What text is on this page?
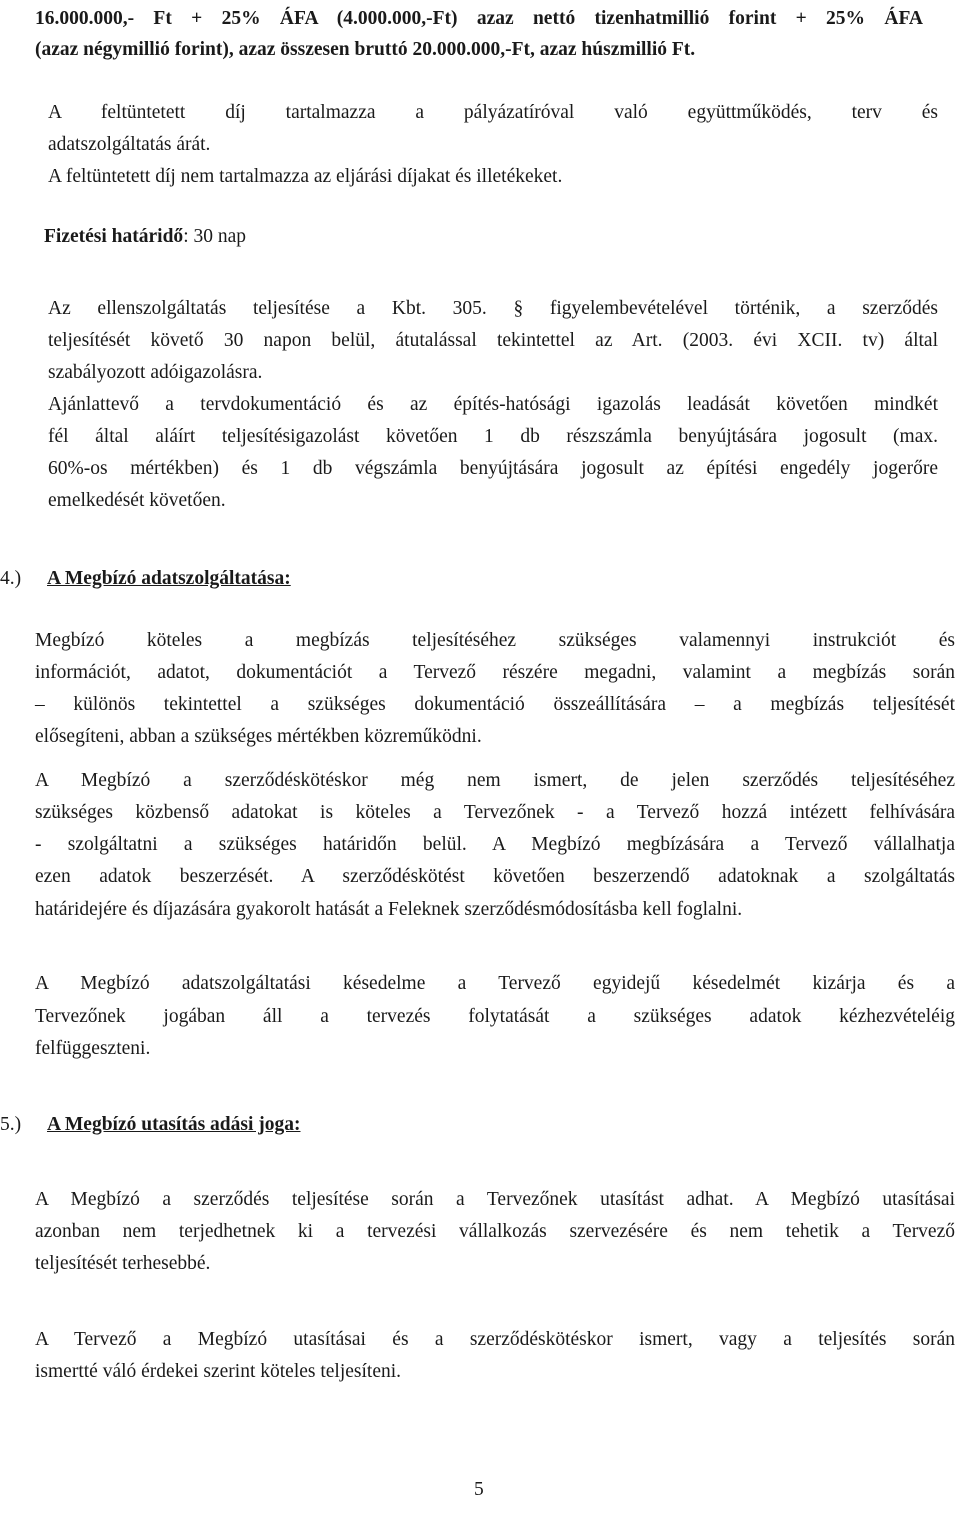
16.000.000,- Ft + 25% ÁFA (4.000.000,-Ft) azaz nettó tizenhatmillió forint + 25% ÁFA
(azaz négymillió forint), azaz összesen bruttó 20.000.000,-Ft, azaz húszmillió Ft.
A feltüntetett díj tartalmazza a pályázatíróval való együttműködés, terv és
adatszolgáltatás árát.
A feltüntetett díj nem tartalmazza az eljárási díjakat és illetékeket.
Fizetési határidő: 30 nap
Az ellenszolgáltatás teljesítése a Kbt. 305. § figyelembevételével történik, a szerződés
teljesítését követő 30 napon belül, átutalással tekintettel az Art. (2003. évi XCII. tv) által
szabályozott adóigazolásra.
Ajánlattevő a tervdokumentáció és az építés-hatósági igazolás leadását követően mindkét
fél által aláírt teljesítésigazolást követően 1 db részszámla benyújtására jogosult (max.
60%-os mértékben) és 1 db végszámla benyújtására jogosult az építési engedély jogerőre
emelkedését követően.
4.) A Megbízó adatszolgáltatása:
Megbízó köteles a megbízás teljesítéséhez szükséges valamennyi instrukciót és
információt, adatot, dokumentációt a Tervező részére megadni, valamint a megbízás során
– különös tekintettel a szükséges dokumentáció összeállítására – a megbízás teljesítését
elősegíteni, abban a szükséges mértékben közreműködni.
A Megbízó a szerződéskötéskor még nem ismert, de jelen szerződés teljesítéséhez
szükséges közbenső adatokat is köteles a Tervezőnek - a Tervező hozzá intézett felhívására
- szolgáltatni a szükséges határidőn belül. A Megbízó megbízására a Tervező vállalhatja
ezen adatok beszerzését. A szerződéskötést követően beszerzendő adatoknak a szolgáltatás
határidejére és díjazására gyakorolt hatását a Feleknek szerződésmódosításba kell foglalni.
A Megbízó adatszolgáltatási késedelme a Tervező egyidejű késedelmét kizárja és a
Tervezőnek jogában áll a tervezés folytatását a szükséges adatok kézhezvételéig
felfüggeszteni.
5.) A Megbízó utasítás adási joga:
A Megbízó a szerződés teljesítése során a Tervezőnek utasítást adhat. A Megbízó utasításai
azonban nem terjedhetnek ki a tervezési vállalkozás szervezésére és nem tehetik a Tervező
teljesítését terhesebbé.
A Tervező a Megbízó utasításai és a szerződéskötéskor ismert, vagy a teljesítés során
ismertté váló érdekei szerint köteles teljesíteni.
5
